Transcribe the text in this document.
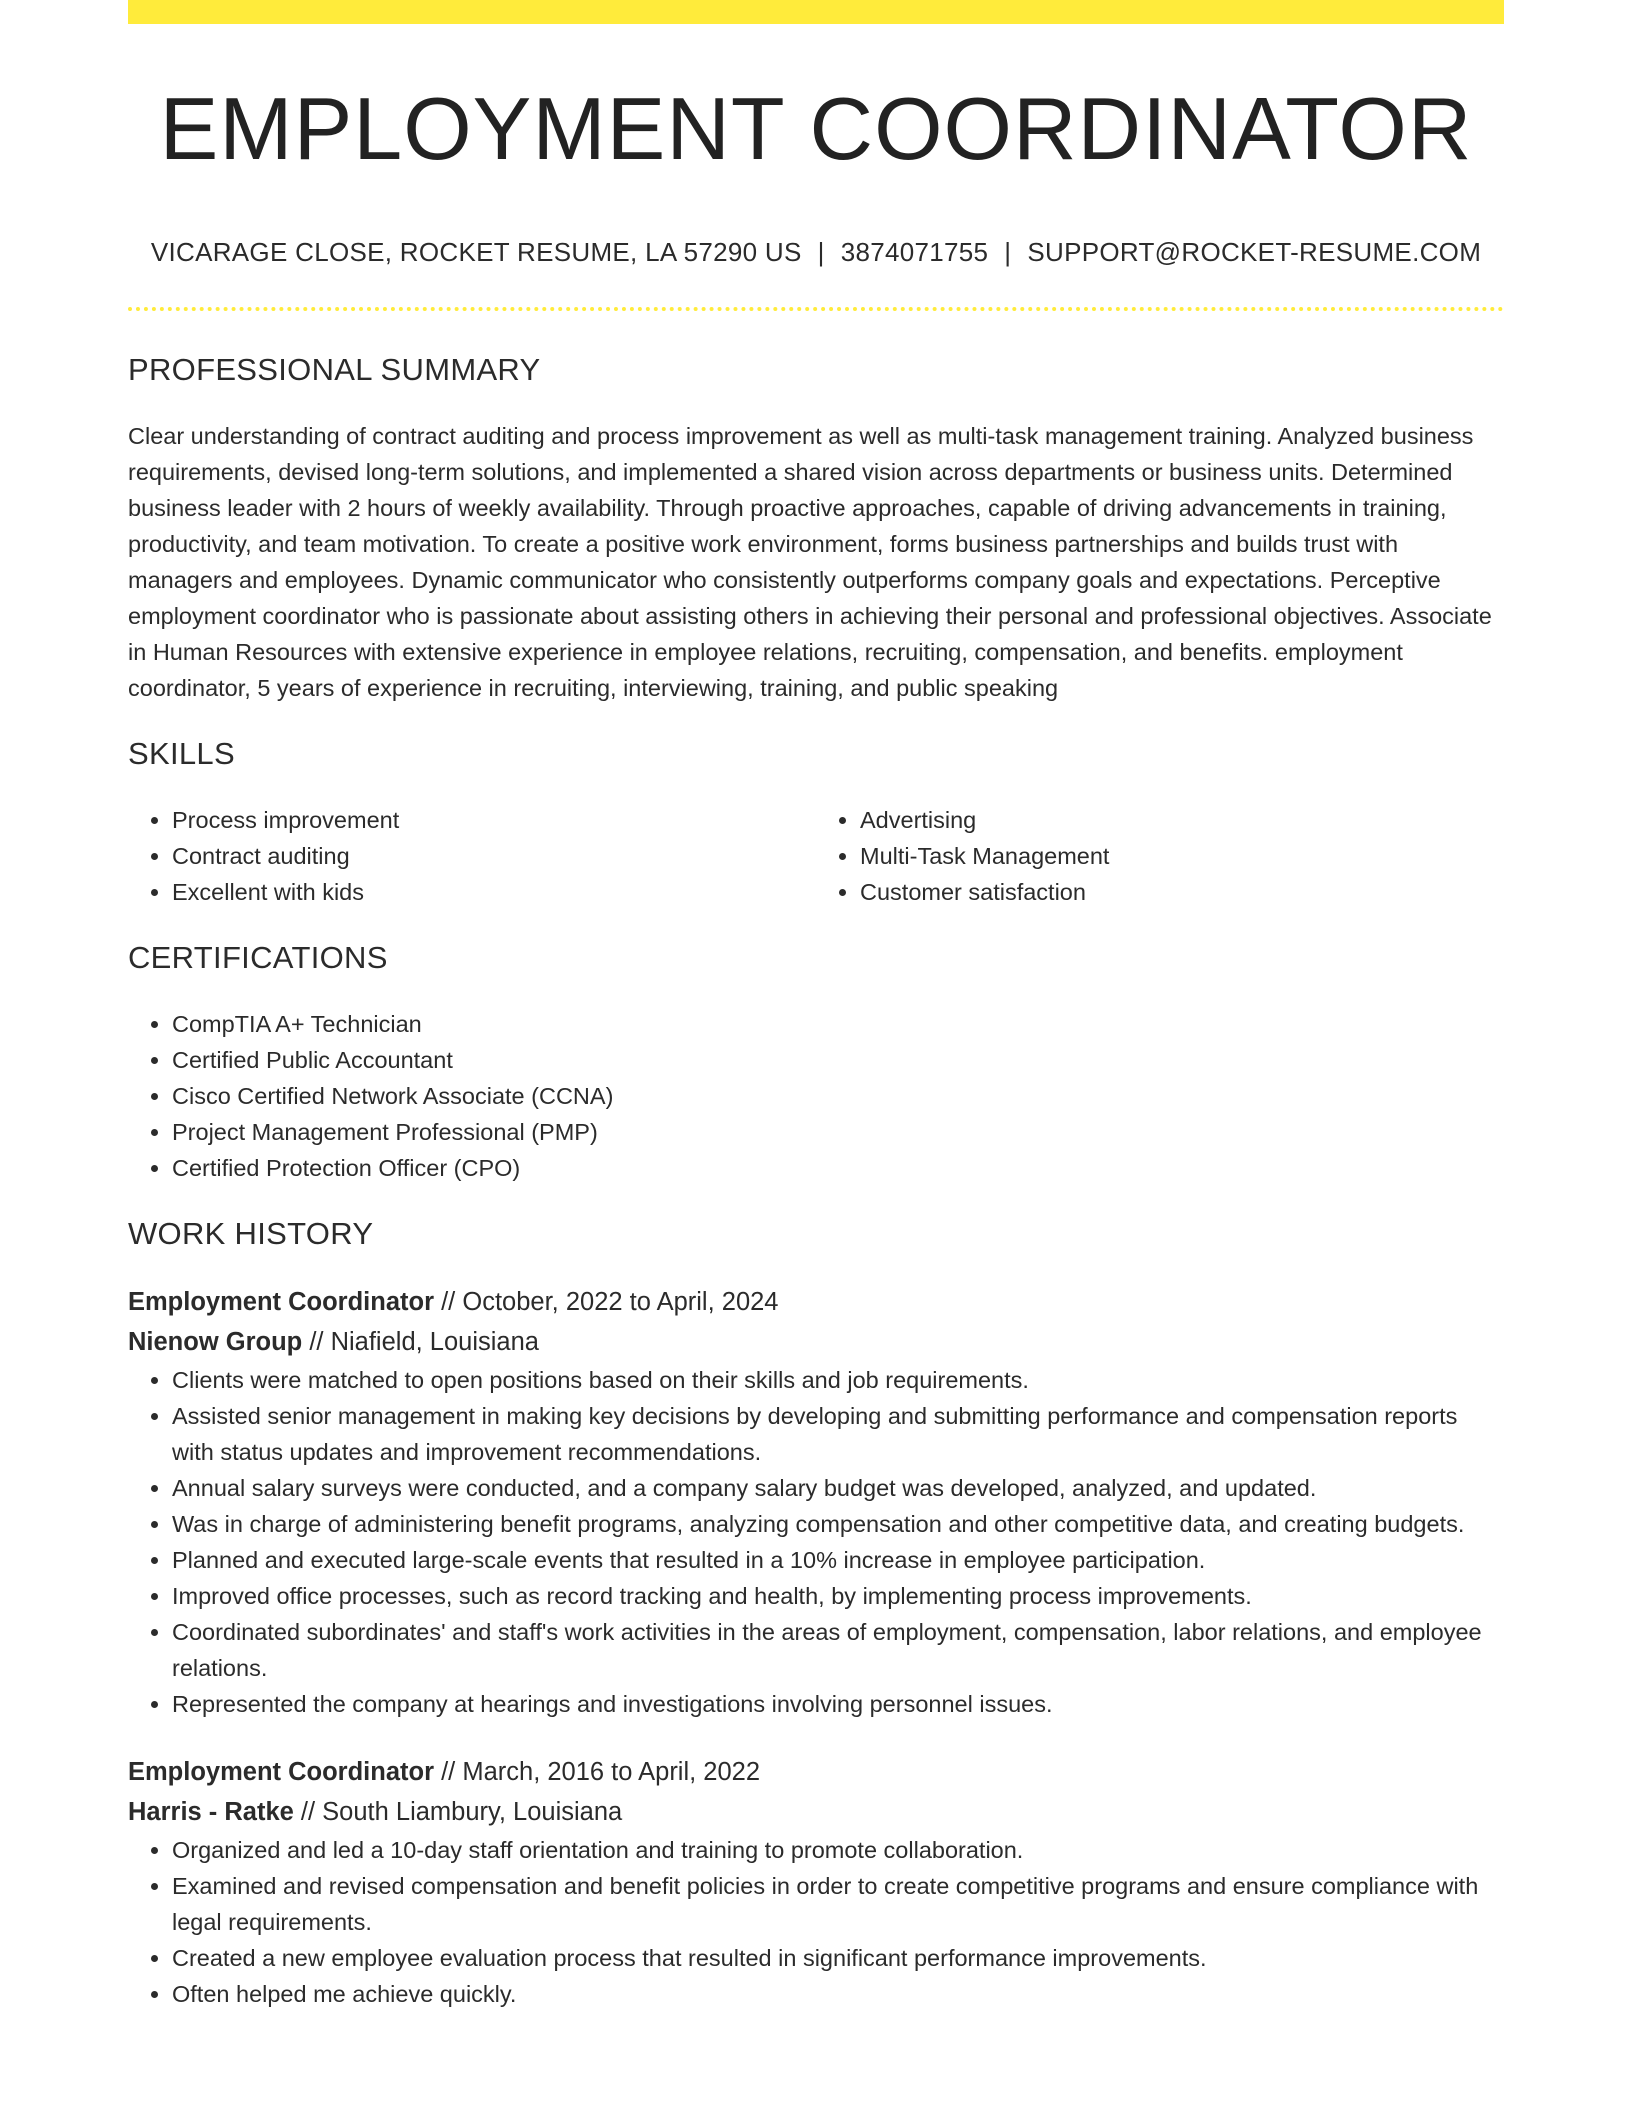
EMPLOYMENT COORDINATOR
VICARAGE CLOSE, ROCKET RESUME, LA 57290 US | 3874071755 | SUPPORT@ROCKET-RESUME.COM
PROFESSIONAL SUMMARY

Clear understanding of contract auditing and process improvement as well as multi-task management training. Analyzed business requirements, devised long-term solutions, and implemented a shared vision across departments or business units. Determined business leader with 2 hours of weekly availability. Through proactive approaches, capable of driving advancements in training, productivity, and team motivation. To create a positive work environment, forms business partnerships and builds trust with managers and employees. Dynamic communicator who consistently outperforms company goals and expectations. Perceptive employment coordinator who is passionate about assisting others in achieving their personal and professional objectives. Associate in Human Resources with extensive experience in employee relations, recruiting, compensation, and benefits. employment coordinator, 5 years of experience in recruiting, interviewing, training, and public speaking

SKILLS
• Process improvement
• Contract auditing
• Excellent with kids
• Advertising
• Multi-Task Management
• Customer satisfaction
CERTIFICATIONS
• CompTIA A+ Technician
• Certified Public Accountant
• Cisco Certified Network Associate (CCNA)
• Project Management Professional (PMP)
• Certified Protection Officer (CPO)
WORK HISTORY
Employment Coordinator // October, 2022 to April, 2024
Nienow Group // Niafield, Louisiana
• Clients were matched to open positions based on their skills and job requirements.
• Assisted senior management in making key decisions by developing and submitting performance and compensation reports with status updates and improvement recommendations.
• Annual salary surveys were conducted, and a company salary budget was developed, analyzed, and updated.
• Was in charge of administering benefit programs, analyzing compensation and other competitive data, and creating budgets.
• Planned and executed large-scale events that resulted in a 10% increase in employee participation.
• Improved office processes, such as record tracking and health, by implementing process improvements.
• Coordinated subordinates' and staff's work activities in the areas of employment, compensation, labor relations, and employee relations.
• Represented the company at hearings and investigations involving personnel issues.
Employment Coordinator // March, 2016 to April, 2022
Harris - Ratke // South Liambury, Louisiana
• Organized and led a 10-day staff orientation and training to promote collaboration.
• Examined and revised compensation and benefit policies in order to create competitive programs and ensure compliance with legal requirements.
• Created a new employee evaluation process that resulted in significant performance improvements.
• Often helped me achieve quickly.
